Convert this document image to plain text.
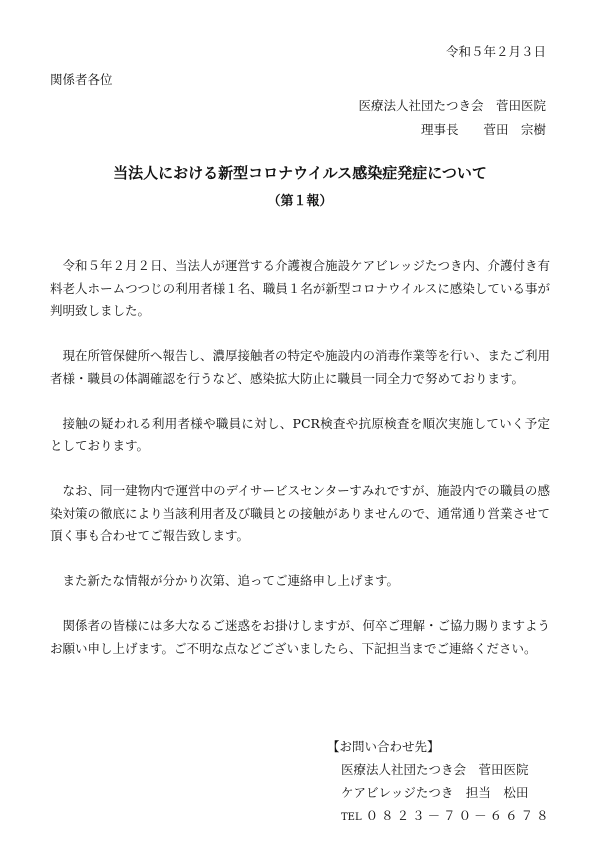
令和５年２月３日
関係者各位
医療法人社団たつき会　菅田医院
理事長　　菅田　宗樹
当法人における新型コロナウイルス感染症発症について
（第１報）

令和５年２月２日、当法人が運営する介護複合施設ケアビレッジたつき内、介護付き有料老人ホームつつじの利用者様１名、職員１名が新型コロナウイルスに感染している事が判明致しました。

現在所管保健所へ報告し、濃厚接触者の特定や施設内の消毒作業等を行い、またご利用者様・職員の体調確認を行うなど、感染拡大防止に職員一同全力で努めております。

接触の疑われる利用者様や職員に対し、PCR検査や抗原検査を順次実施していく予定としております。

なお、同一建物内で運営中のデイサービスセンターすみれですが、施設内での職員の感染対策の徹底により当該利用者及び職員との接触がありませんので、通常通り営業させて頂く事も合わせてご報告致します。

また新たな情報が分かり次第、追ってご連絡申し上げます。

関係者の皆様には多大なるご迷惑をお掛けしますが、何卒ご理解・ご協力賜りますようお願い申し上げます。ご不明な点などございましたら、下記担当までご連絡ください。

【お問い合わせ先】
医療法人社団たつき会　菅田医院
ケアビレッジたつき　担当　松田
TEL ０８２３－７０－６６７８
